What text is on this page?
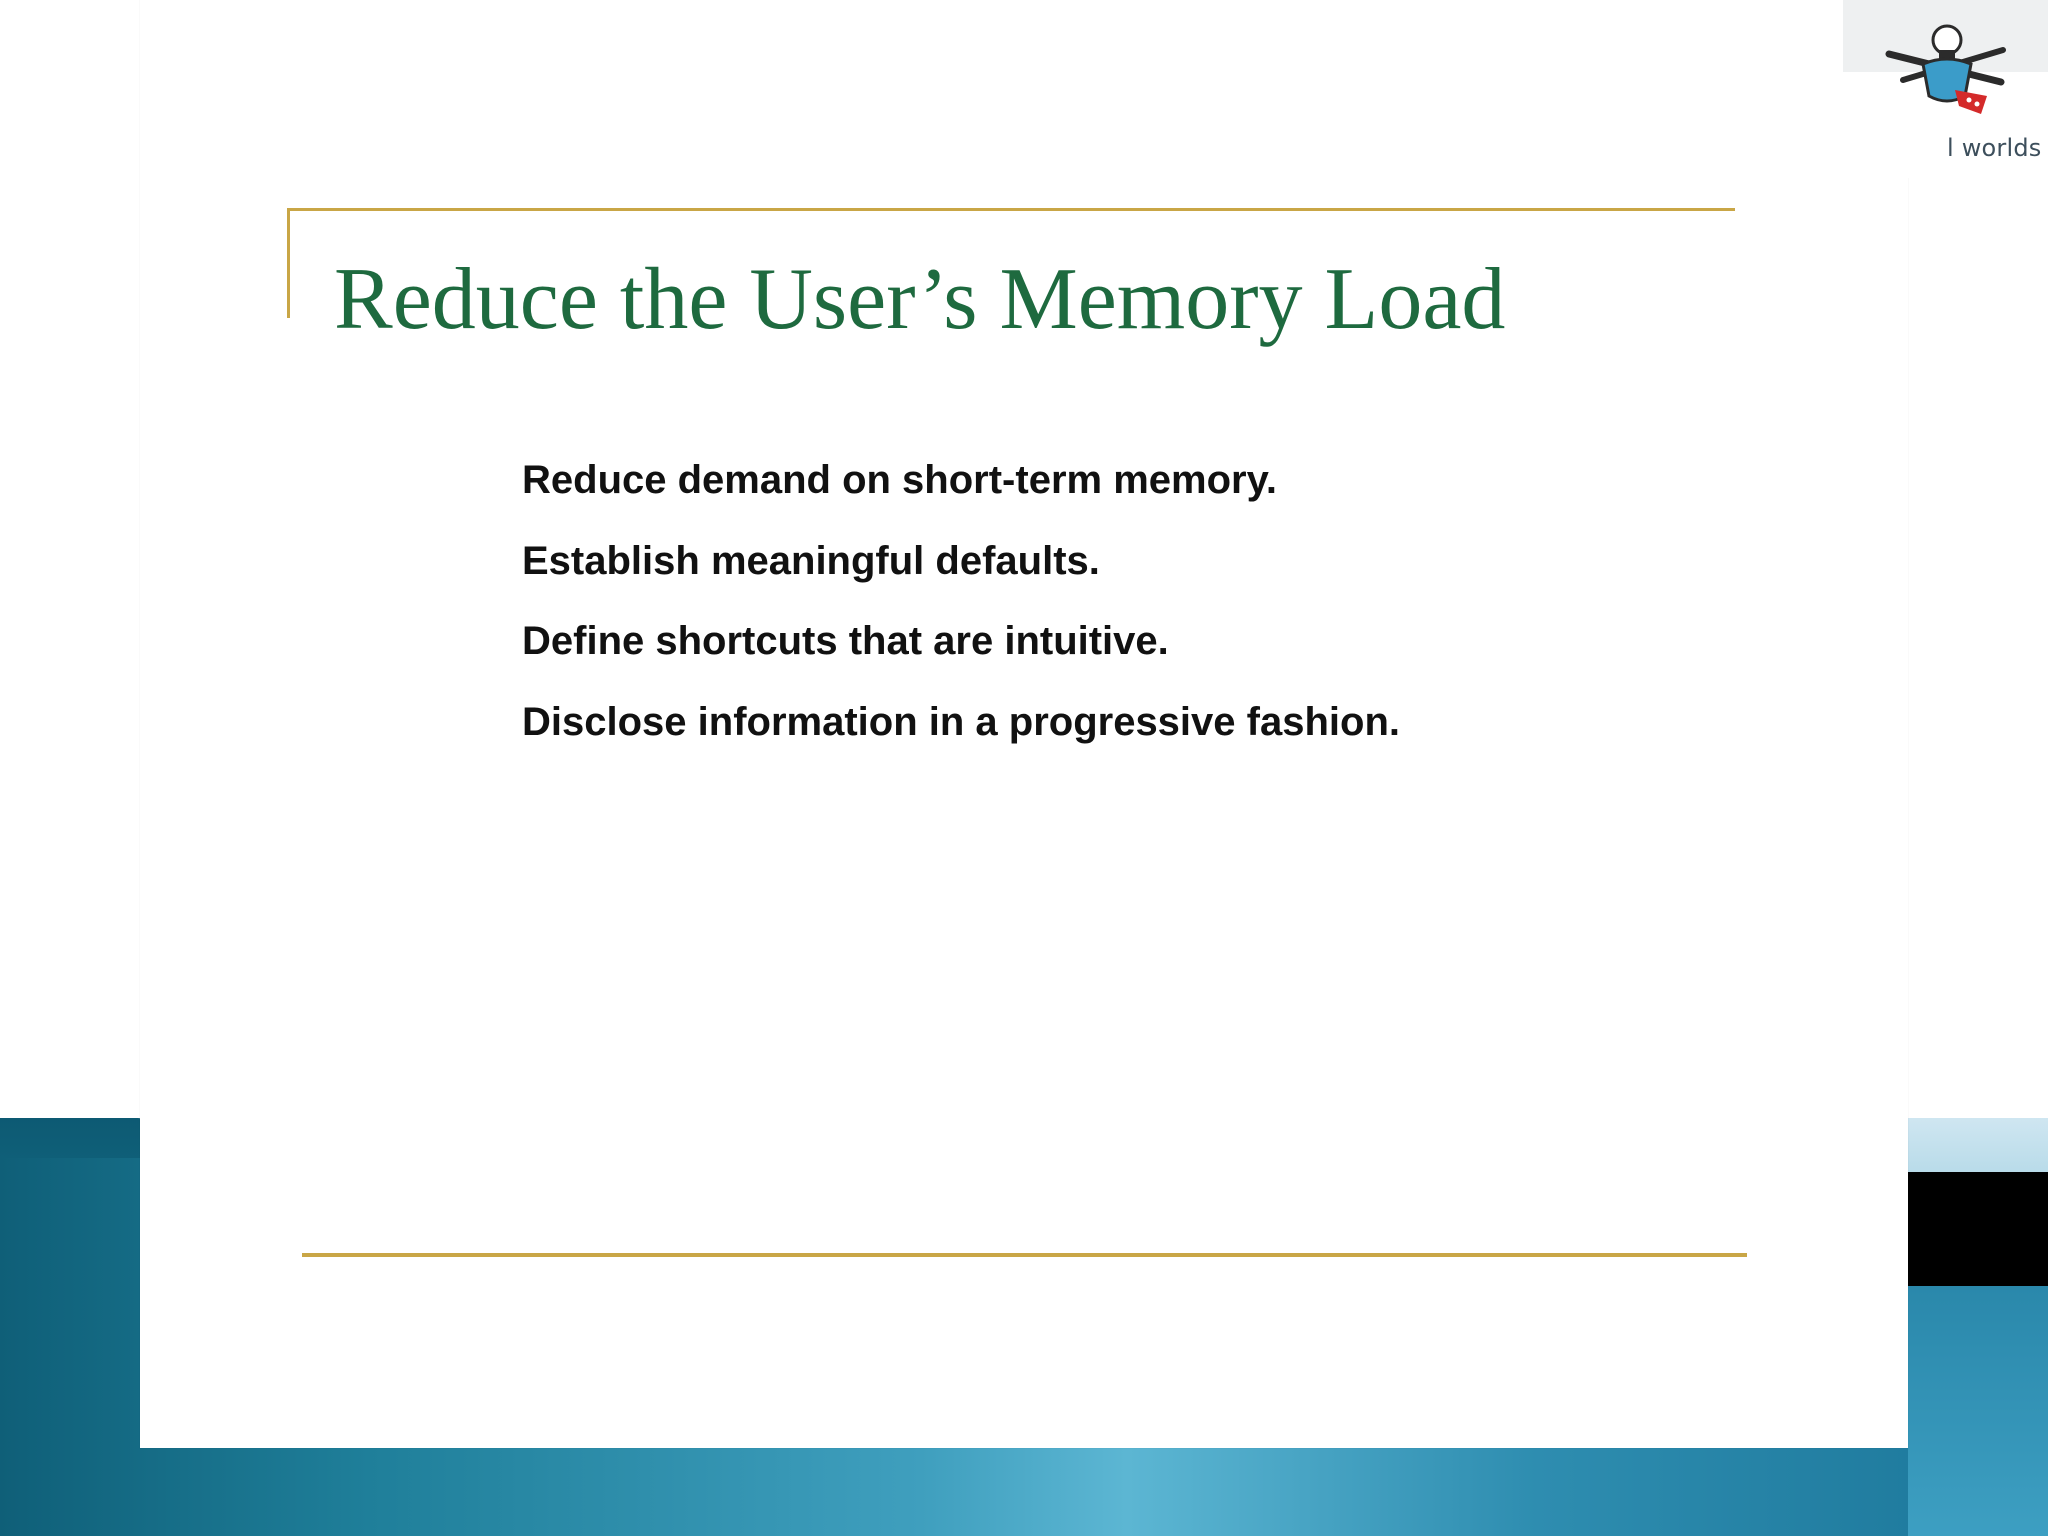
l worlds
Reduce the User’s Memory Load
Reduce demand on short-term memory.
Establish meaningful defaults.
Define shortcuts that are intuitive.
Disclose information in a progressive fashion.
